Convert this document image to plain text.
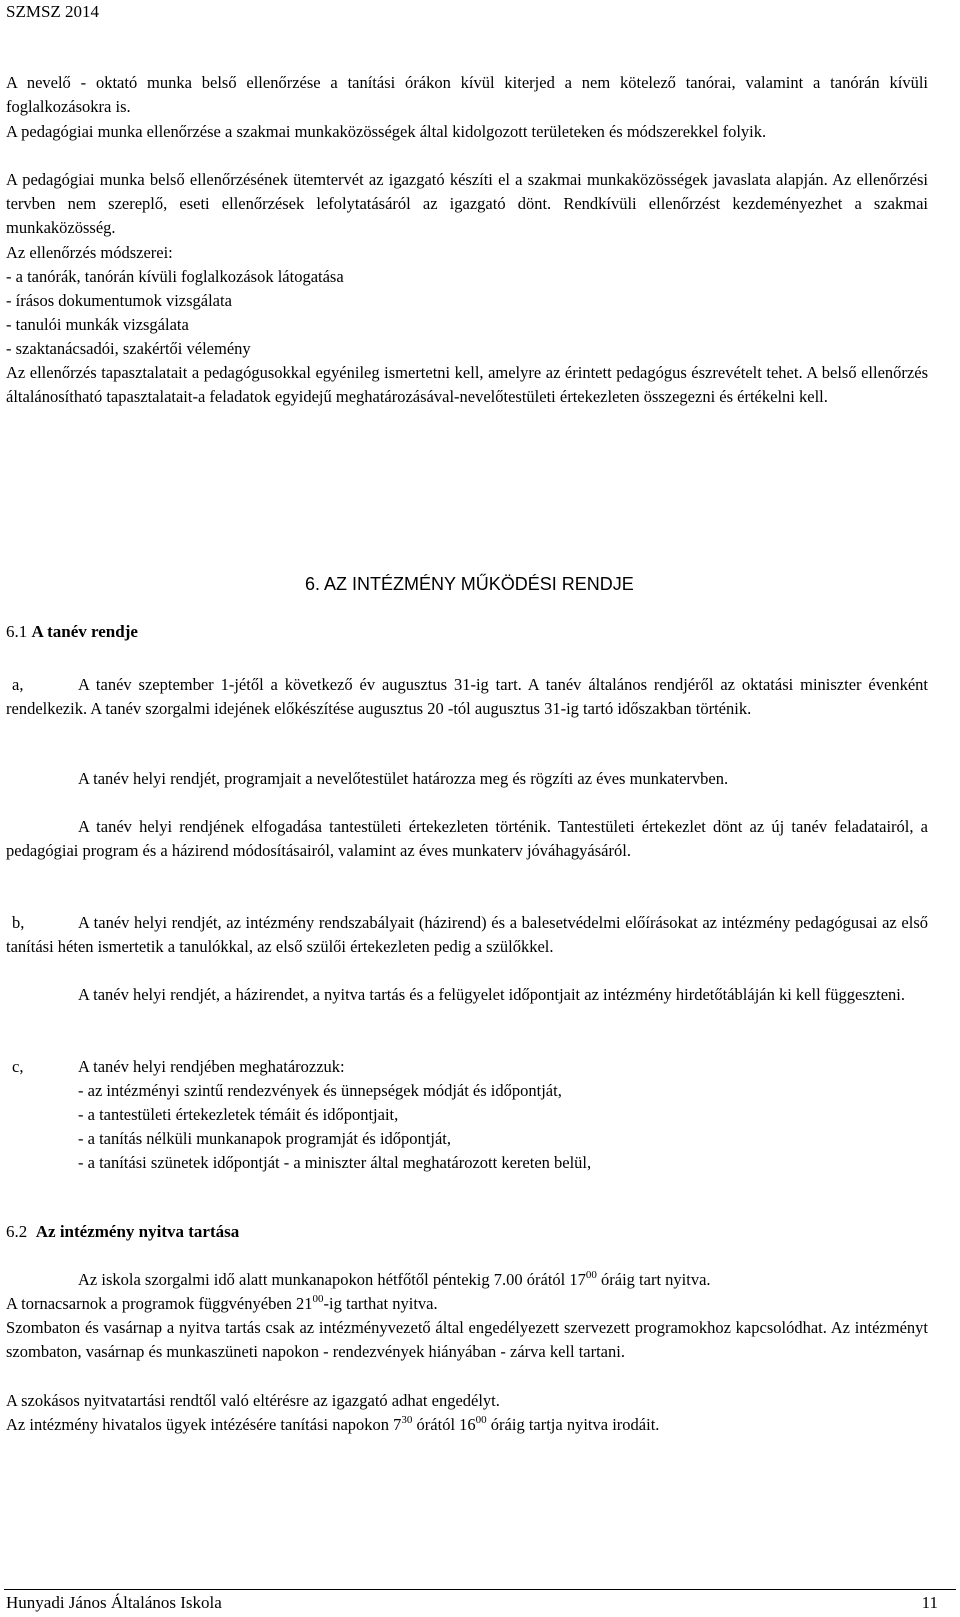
SZMSZ 2014
A nevelő - oktató munka belső ellenőrzése a tanítási órákon kívül kiterjed a nem kötelező tanórai, valamint a tanórán kívüli foglalkozásokra is.
A pedagógiai munka ellenőrzése a szakmai munkaközösségek által kidolgozott területeken és módszerekkel folyik.
A pedagógiai munka belső ellenőrzésének ütemtervét az igazgató készíti el a szakmai munkaközösségek javaslata alapján. Az ellenőrzési tervben nem szereplő, eseti ellenőrzések lefolytatásáról az igazgató dönt. Rendkívüli ellenőrzést kezdeményezhet a szakmai munkaközösség.
Az ellenőrzés módszerei:
- a tanórák, tanórán kívüli foglalkozások látogatása
- írásos dokumentumok vizsgálata
- tanulói munkák vizsgálata
- szaktanácsadói, szakértői vélemény
Az ellenőrzés tapasztalatait a pedagógusokkal egyénileg ismertetni kell, amelyre az érintett pedagógus észrevételt tehet. A belső ellenőrzés általánosítható tapasztalatait-a feladatok egyidejű meghatározásával-nevelőtestületi értekezleten összegezni és értékelni kell.
6. AZ INTÉZMÉNY MŰKÖDÉSI RENDJE
6.1 A tanév rendje
a,	A tanév szeptember 1-jétől a következő év augusztus 31-ig tart. A tanév általános rendjéről az oktatási miniszter évenként rendelkezik. A tanév szorgalmi idejének előkészítése augusztus 20 -tól augusztus 31-ig tartó időszakban történik.
A tanév helyi rendjét, programjait a nevelőtestület határozza meg és rögzíti az éves munkatervben.
A tanév helyi rendjének elfogadása tantestületi értekezleten történik. Tantestületi értekezlet dönt az új tanév feladatairól, a pedagógiai program és a házirend módosításairól, valamint az éves munkaterv jóváhagyásáról.
b,	A tanév helyi rendjét, az intézmény rendszabályait (házirend) és a balesetvédelmi előírásokat az intézmény pedagógusai az első tanítási héten ismertetik a tanulókkal, az első szülői értekezleten pedig a szülőkkel.
A tanév helyi rendjét, a házirendet, a nyitva tartás és a felügyelet időpontjait az intézmény hirdetőtábláján ki kell függeszteni.
c,	A tanév helyi rendjében meghatározzuk:
- az intézményi szintű rendezvények és ünnepségek módját és időpontját,
- a tantestületi értekezletek témáit és időpontjait,
- a tanítás nélküli munkanapok programját és időpontját,
- a tanítási szünetek időpontját - a miniszter által meghatározott kereten belül,
6.2 Az intézmény nyitva tartása
Az iskola szorgalmi idő alatt munkanapokon hétfőtől péntekig 7.00 órától $17^{00}$ óráig tart nyitva.
A tornacsarnok a programok függvényében $21^{00}-ig$ tarthat nyitva.
Szombaton és vasárnap a nyitva tartás csak az intézményvezető által engedélyezett szervezett programokhoz kapcsolódhat. Az intézményt szombaton, vasárnap és munkaszüneti napokon - rendezvények hiányában - zárva kell tartani.
A szokásos nyitvatartási rendtől való eltérésre az igazgató adhat engedélyt.
Az intézmény hivatalos ügyek intézésére tanítási napokon $7^{30}$ órától $16^{00}$ óráig tartja nyitva irodáit.
Hunyadi János Általános Iskola	11
